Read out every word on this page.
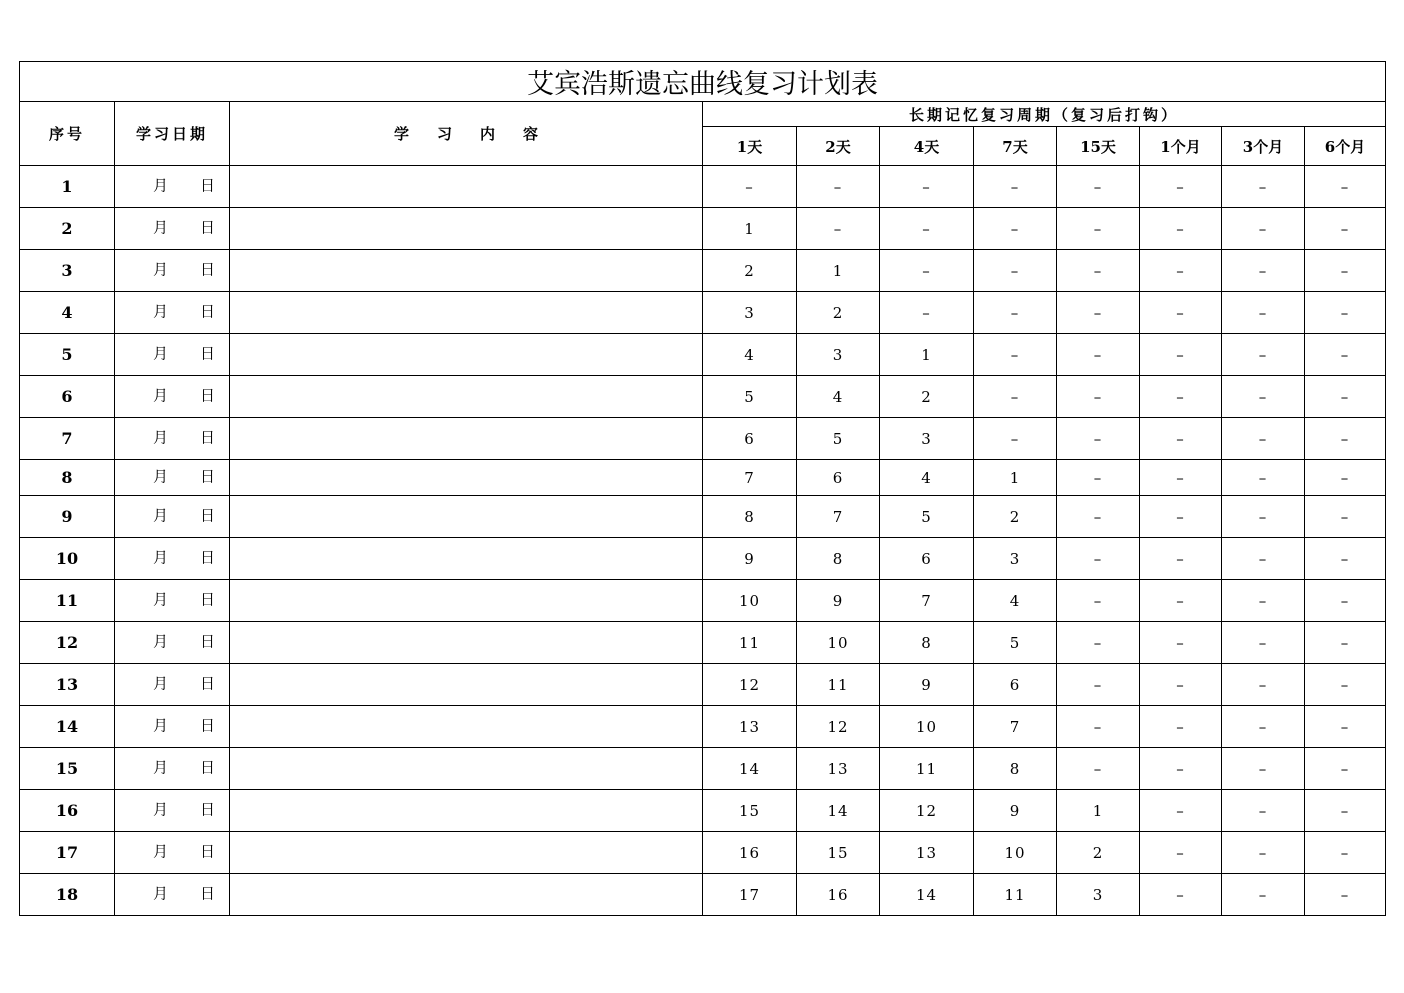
艾宾浩斯遗忘曲线复习计划表										
序号	学习日期	学 习 内 容	长期记忆复习周期（复习后打钩）							
			1天	2天	4天	7天	15天	1个月	3个月	6个月
1	月 日		–	–	–	–	–	–	–	–
2	月 日		1	–	–	–	–	–	–	–
3	月 日		2	1	–	–	–	–	–	–
4	月 日		3	2	–	–	–	–	–	–
5	月 日		4	3	1	–	–	–	–	–
6	月 日		5	4	2	–	–	–	–	–
7	月 日		6	5	3	–	–	–	–	–
8	月 日		7	6	4	1	–	–	–	–
9	月 日		8	7	5	2	–	–	–	–
10	月 日		9	8	6	3	–	–	–	–
11	月 日		10	9	7	4	–	–	–	–
12	月 日		11	10	8	5	–	–	–	–
13	月 日		12	11	9	6	–	–	–	–
14	月 日		13	12	10	7	–	–	–	–
15	月 日		14	13	11	8	–	–	–	–
16	月 日		15	14	12	9	1	–	–	–
17	月 日		16	15	13	10	2	–	–	–
18	月 日		17	16	14	11	3	–	–	–
